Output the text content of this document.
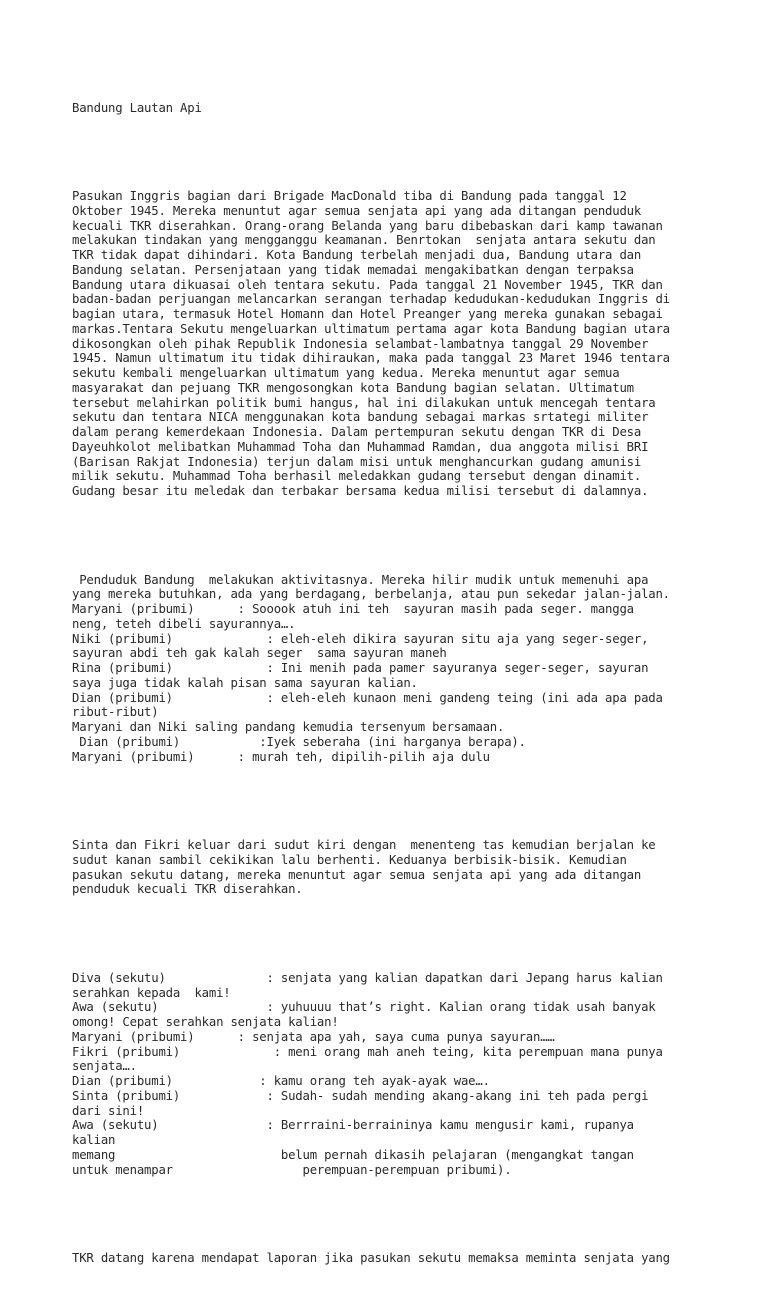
Bandung Lautan Api

Pasukan Inggris bagian dari Brigade MacDonald tiba di Bandung pada tanggal 12
Oktober 1945. Mereka menuntut agar semua senjata api yang ada ditangan penduduk
kecuali TKR diserahkan. Orang-orang Belanda yang baru dibebaskan dari kamp tawanan
melakukan tindakan yang mengganggu keamanan. Benrtokan  senjata antara sekutu dan
TKR tidak dapat dihindari. Kota Bandung terbelah menjadi dua, Bandung utara dan
Bandung selatan. Persenjataan yang tidak memadai mengakibatkan dengan terpaksa
Bandung utara dikuasai oleh tentara sekutu. Pada tanggal 21 November 1945, TKR dan
badan-badan perjuangan melancarkan serangan terhadap kedudukan-kedudukan Inggris di
bagian utara, termasuk Hotel Homann dan Hotel Preanger yang mereka gunakan sebagai
markas.Tentara Sekutu mengeluarkan ultimatum pertama agar kota Bandung bagian utara
dikosongkan oleh pihak Republik Indonesia selambat-lambatnya tanggal 29 November
1945. Namun ultimatum itu tidak dihiraukan, maka pada tanggal 23 Maret 1946 tentara
sekutu kembali mengeluarkan ultimatum yang kedua. Mereka menuntut agar semua
masyarakat dan pejuang TKR mengosongkan kota Bandung bagian selatan. Ultimatum
tersebut melahirkan politik bumi hangus, hal ini dilakukan untuk mencegah tentara
sekutu dan tentara NICA menggunakan kota bandung sebagai markas srtategi militer
dalam perang kemerdekaan Indonesia. Dalam pertempuran sekutu dengan TKR di Desa
Dayeuhkolot melibatkan Muhammad Toha dan Muhammad Ramdan, dua anggota milisi BRI
(Barisan Rakjat Indonesia) terjun dalam misi untuk menghancurkan gudang amunisi
milik sekutu. Muhammad Toha berhasil meledakkan gudang tersebut dengan dinamit.
Gudang besar itu meledak dan terbakar bersama kedua milisi tersebut di dalamnya.

Penduduk Bandung  melakukan aktivitasnya. Mereka hilir mudik untuk memenuhi apa
yang mereka butuhkan, ada yang berdagang, berbelanja, atau pun sekedar jalan-jalan.
Maryani (pribumi)      : Sooook atuh ini teh  sayuran masih pada seger. mangga
neng, teteh dibeli sayurannya….
Niki (pribumi)             : eleh-eleh dikira sayuran situ aja yang seger-seger,
sayuran abdi teh gak kalah seger  sama sayuran maneh
Rina (pribumi)             : Ini menih pada pamer sayuranya seger-seger, sayuran
saya juga tidak kalah pisan sama sayuran kalian.
Dian (pribumi)             : eleh-eleh kunaon meni gandeng teing (ini ada apa pada
ribut-ribut)
Maryani dan Niki saling pandang kemudia tersenyum bersamaan.
Dian (pribumi)           :Iyek seberaha (ini harganya berapa).
Maryani (pribumi)      : murah teh, dipilih-pilih aja dulu

Sinta dan Fikri keluar dari sudut kiri dengan  menenteng tas kemudian berjalan ke
sudut kanan sambil cekikikan lalu berhenti. Keduanya berbisik-bisik. Kemudian
pasukan sekutu datang, mereka menuntut agar semua senjata api yang ada ditangan
penduduk kecuali TKR diserahkan.

Diva (sekutu)              : senjata yang kalian dapatkan dari Jepang harus kalian
serahkan kepada  kami!
Awa (sekutu)               : yuhuuuu that’s right. Kalian orang tidak usah banyak
omong! Cepat serahkan senjata kalian!
Maryani (pribumi)      : senjata apa yah, saya cuma punya sayuran……
Fikri (pribumi)             : meni orang mah aneh teing, kita perempuan mana punya
senjata….
Dian (pribumi)            : kamu orang teh ayak-ayak wae….
Sinta (pribumi)            : Sudah- sudah mending akang-akang ini teh pada pergi
dari sini!
Awa (sekutu)               : Berrraini-berraininya kamu mengusir kami, rupanya
kalian
memang                       belum pernah dikasih pelajaran (mengangkat tangan
untuk menampar                  perempuan-perempuan pribumi).

TKR datang karena mendapat laporan jika pasukan sekutu memaksa meminta senjata yang
